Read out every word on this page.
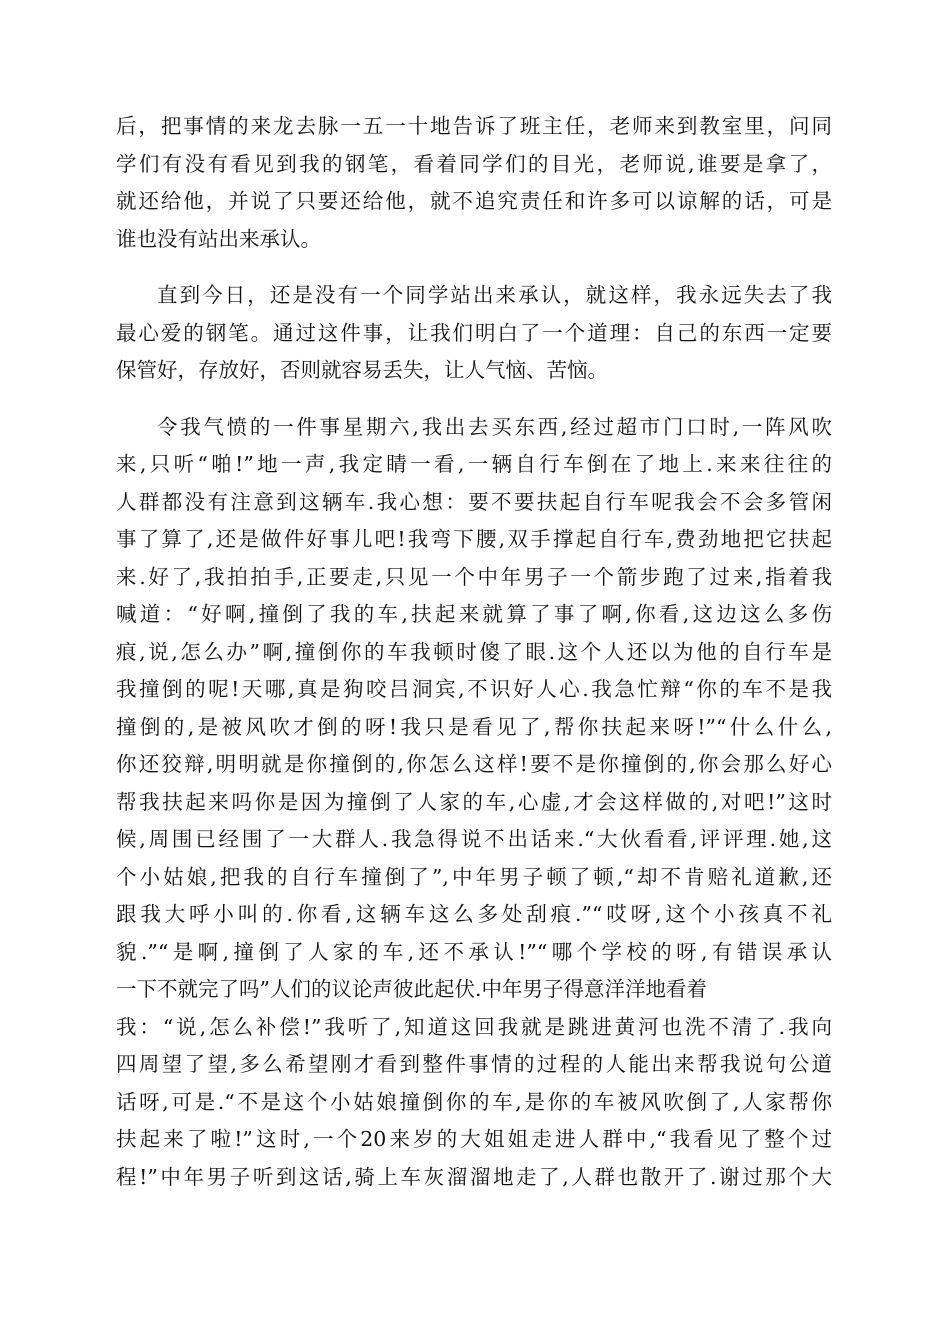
后，把事情的来龙去脉一五一十地告诉了班主任，老师来到教室里，问同
学们有没有看见到我的钢笔，看着同学们的目光，老师说,谁要是拿了，
就还给他，并说了只要还给他，就不追究责任和许多可以谅解的话，可是
谁也没有站出来承认。
直到今日，还是没有一个同学站出来承认，就这样，我永远失去了我
最心爱的钢笔。通过这件事，让我们明白了一个道理：自己的东西一定要
保管好，存放好，否则就容易丢失，让人气恼、苦恼。
令我气愤的一件事星期六,我出去买东西,经过超市门口时,一阵风吹
来,只听“啪!”地一声,我定睛一看,一辆自行车倒在了地上.来来往往的
人群都没有注意到这辆车.我心想：要不要扶起自行车呢我会不会多管闲
事了算了,还是做件好事儿吧!我弯下腰,双手撑起自行车,费劲地把它扶起
来.好了,我拍拍手,正要走,只见一个中年男子一个箭步跑了过来,指着我
喊道：“好啊,撞倒了我的车,扶起来就算了事了啊,你看,这边这么多伤
痕,说,怎么办”啊,撞倒你的车我顿时傻了眼.这个人还以为他的自行车是
我撞倒的呢!天哪,真是狗咬吕洞宾,不识好人心.我急忙辩“你的车不是我
撞倒的,是被风吹才倒的呀!我只是看见了,帮你扶起来呀!”“什么什么,
你还狡辩,明明就是你撞倒的,你怎么这样!要不是你撞倒的,你会那么好心
帮我扶起来吗你是因为撞倒了人家的车,心虚,才会这样做的,对吧!”这时
候,周围已经围了一大群人.我急得说不出话来.“大伙看看,评评理.她,这
个小姑娘,把我的自行车撞倒了”,中年男子顿了顿,“却不肯赔礼道歉,还
跟我大呼小叫的.你看,这辆车这么多处刮痕.”“哎呀,这个小孩真不礼
貌.”“是啊,撞倒了人家的车,还不承认!”“哪个学校的呀,有错误承认
一下不就完了吗”人们的议论声彼此起伏.中年男子得意洋洋地看着
我：“说,怎么补偿!”我听了,知道这回我就是跳进黄河也洗不清了.我向
四周望了望,多么希望刚才看到整件事情的过程的人能出来帮我说句公道
话呀,可是.“不是这个小姑娘撞倒你的车,是你的车被风吹倒了,人家帮你
扶起来了啦!”这时,一个20来岁的大姐姐走进人群中,“我看见了整个过
程!”中年男子听到这话,骑上车灰溜溜地走了,人群也散开了.谢过那个大
